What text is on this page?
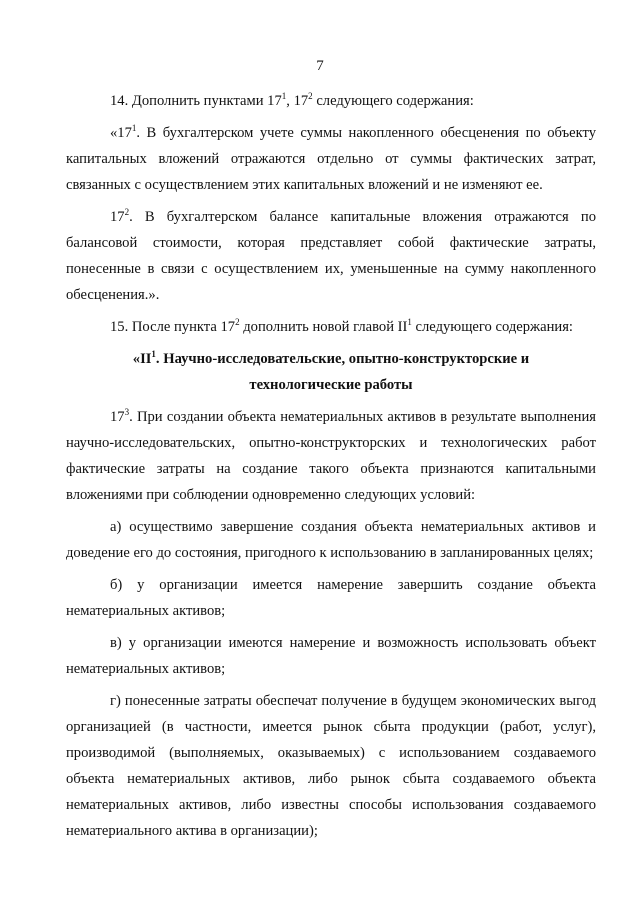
7

14. Дополнить пунктами $17^1$, $17^2$ следующего содержания:

«$17^1$. В бухгалтерском учете суммы накопленного обесценения по объекту капитальных вложений отражаются отдельно от суммы фактических затрат, связанных с осуществлением этих капитальных вложений и не изменяют ее.

$17^2$. В бухгалтерском балансе капитальные вложения отражаются по балансовой стоимости, которая представляет собой фактические затраты, понесенные в связи с осуществлением их, уменьшенные на сумму накопленного обесценения.».

15. После пункта $17^2$ дополнить новой главой $II^1$ следующего содержания:

«$II^1$. Научно-исследовательские, опытно-конструкторские и
технологические работы

$17^3$. При создании объекта нематериальных активов в результате выполнения научно-исследовательских, опытно-конструкторских и технологических работ фактические затраты на создание такого объекта признаются капитальными вложениями при соблюдении одновременно следующих условий:

а) осуществимо завершение создания объекта нематериальных активов и доведение его до состояния, пригодного к использованию в запланированных целях;

б) у организации имеется намерение завершить создание объекта нематериальных активов;

в) у организации имеются намерение и возможность использовать объект нематериальных активов;

г) понесенные затраты обеспечат получение в будущем экономических выгод организацией (в частности, имеется рынок сбыта продукции (работ, услуг), производимой (выполняемых, оказываемых) с использованием создаваемого объекта нематериальных активов, либо рынок сбыта создаваемого объекта нематериальных активов, либо известны способы использования создаваемого нематериального актива в организации);
